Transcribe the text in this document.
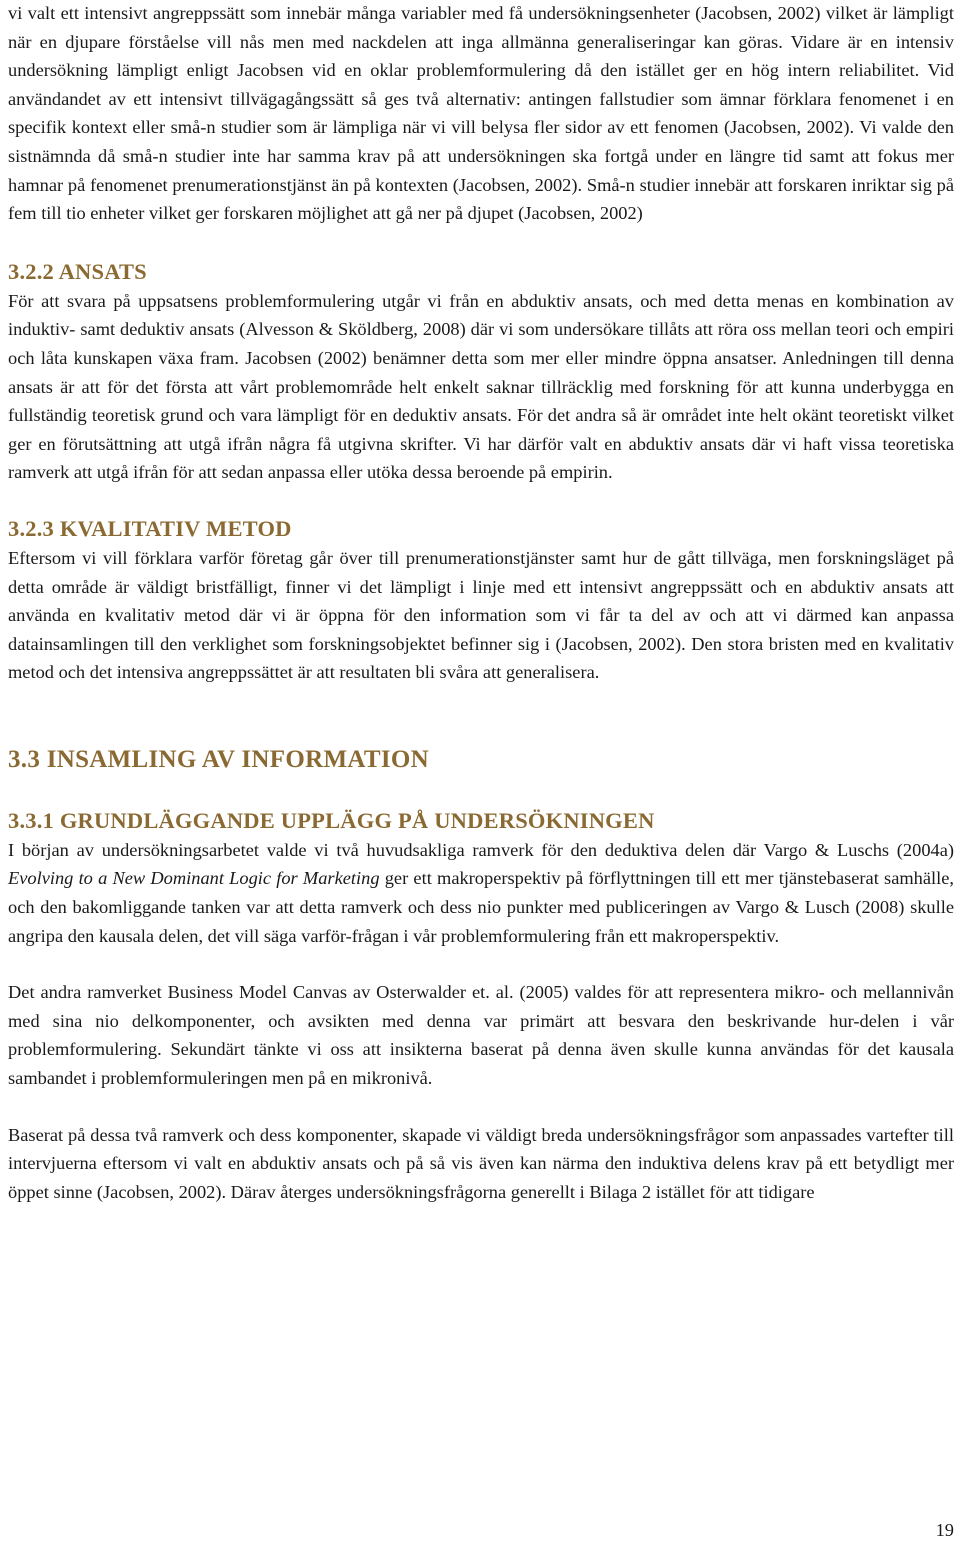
vi valt ett intensivt angreppssätt som innebär många variabler med få undersökningsenheter (Jacobsen, 2002) vilket är lämpligt när en djupare förståelse vill nås men med nackdelen att inga allmänna generaliseringar kan göras. Vidare är en intensiv undersökning lämpligt enligt Jacobsen vid en oklar problemformulering då den istället ger en hög intern reliabilitet. Vid användandet av ett intensivt tillvägagångssätt så ges två alternativ: antingen fallstudier som ämnar förklara fenomenet i en specifik kontext eller små-n studier som är lämpliga när vi vill belysa fler sidor av ett fenomen (Jacobsen, 2002). Vi valde den sistnämnda då små-n studier inte har samma krav på att undersökningen ska fortgå under en längre tid samt att fokus mer hamnar på fenomenet prenumerationstjänst än på kontexten (Jacobsen, 2002). Små-n studier innebär att forskaren inriktar sig på fem till tio enheter vilket ger forskaren möjlighet att gå ner på djupet (Jacobsen, 2002)

3.2.2 ANSATS

För att svara på uppsatsens problemformulering utgår vi från en abduktiv ansats, och med detta menas en kombination av induktiv- samt deduktiv ansats (Alvesson & Sköldberg, 2008) där vi som undersökare tillåts att röra oss mellan teori och empiri och låta kunskapen växa fram. Jacobsen (2002) benämner detta som mer eller mindre öppna ansatser. Anledningen till denna ansats är att för det första att vårt problemområde helt enkelt saknar tillräcklig med forskning för att kunna underbygga en fullständig teoretisk grund och vara lämpligt för en deduktiv ansats. För det andra så är området inte helt okänt teoretiskt vilket ger en förutsättning att utgå ifrån några få utgivna skrifter. Vi har därför valt en abduktiv ansats där vi haft vissa teoretiska ramverk att utgå ifrån för att sedan anpassa eller utöka dessa beroende på empirin.

3.2.3 KVALITATIV METOD

Eftersom vi vill förklara varför företag går över till prenumerationstjänster samt hur de gått tillväga, men forskningsläget på detta område är väldigt bristfälligt, finner vi det lämpligt i linje med ett intensivt angreppssätt och en abduktiv ansats att använda en kvalitativ metod där vi är öppna för den information som vi får ta del av och att vi därmed kan anpassa datainsamlingen till den verklighet som forskningsobjektet befinner sig i (Jacobsen, 2002). Den stora bristen med en kvalitativ metod och det intensiva angreppssättet är att resultaten bli svåra att generalisera.

3.3 INSAMLING AV INFORMATION
3.3.1 GRUNDLÄGGANDE UPPLÄGG PÅ UNDERSÖKNINGEN

I början av undersökningsarbetet valde vi två huvudsakliga ramverk för den deduktiva delen där Vargo & Luschs (2004a) Evolving to a New Dominant Logic for Marketing ger ett makroperspektiv på förflyttningen till ett mer tjänstebaserat samhälle, och den bakomliggande tanken var att detta ramverk och dess nio punkter med publiceringen av Vargo & Lusch (2008) skulle angripa den kausala delen, det vill säga varför-frågan i vår problemformulering från ett makroperspektiv.

Det andra ramverket Business Model Canvas av Osterwalder et. al. (2005) valdes för att representera mikro- och mellannivån med sina nio delkomponenter, och avsikten med denna var primärt att besvara den beskrivande hur-delen i vår problemformulering. Sekundärt tänkte vi oss att insikterna baserat på denna även skulle kunna användas för det kausala sambandet i problemformuleringen men på en mikronivå.

Baserat på dessa två ramverk och dess komponenter, skapade vi väldigt breda undersökningsfrågor som anpassades vartefter till intervjuerna eftersom vi valt en abduktiv ansats och på så vis även kan närma den induktiva delens krav på ett betydligt mer öppet sinne (Jacobsen, 2002). Därav återges undersökningsfrågorna generellt i Bilaga 2 istället för att tidigare

19
